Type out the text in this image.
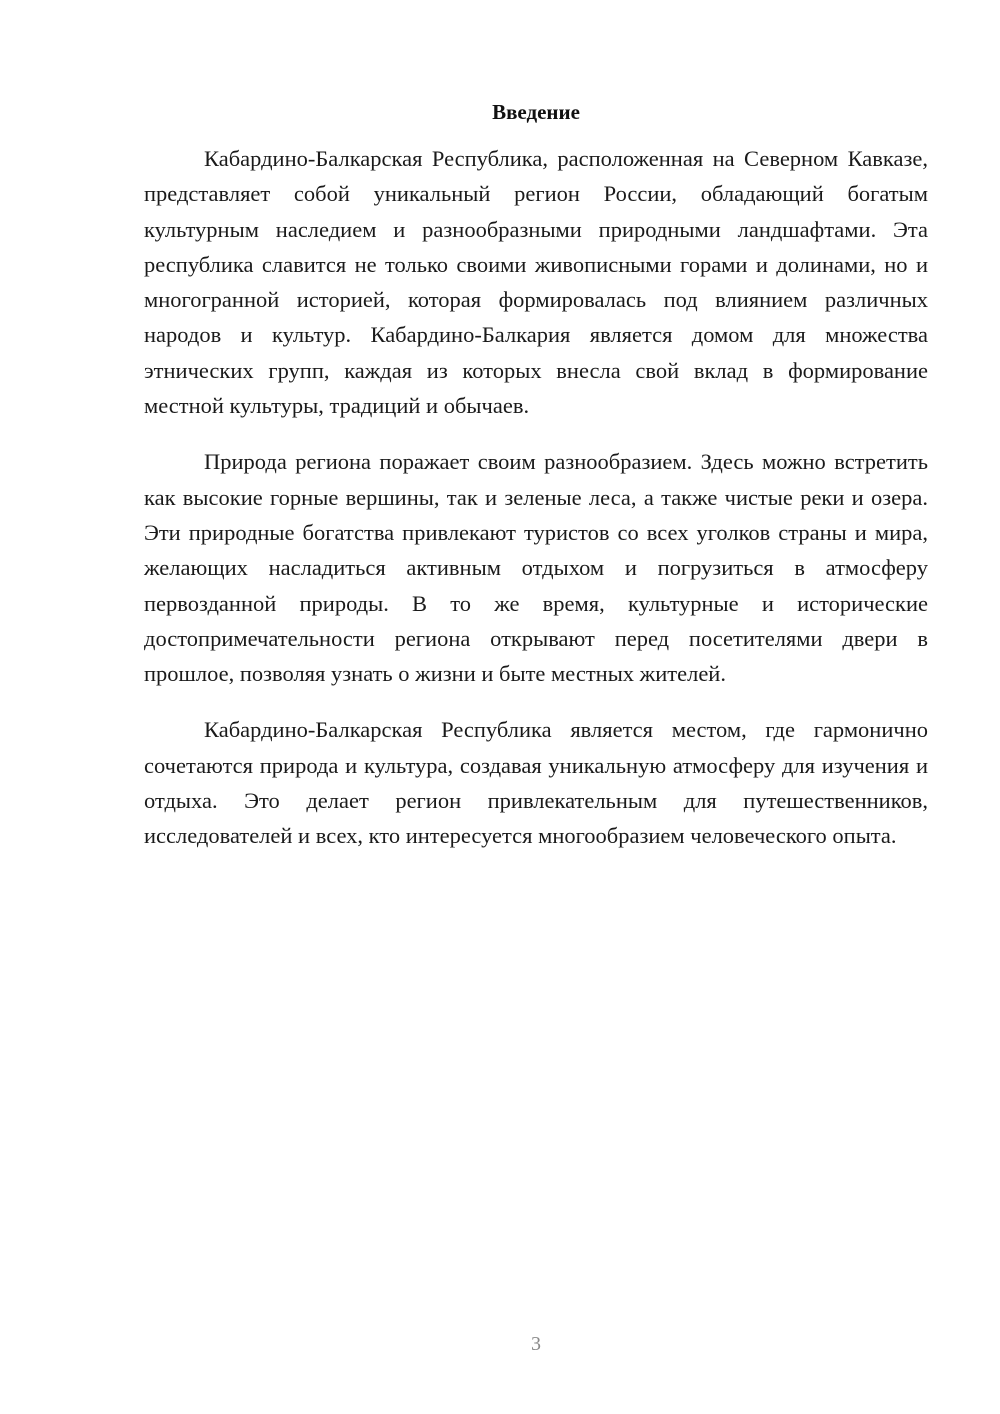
Введение

Кабардино-Балкарская Республика, расположенная на Северном Кавказе, представляет собой уникальный регион России, обладающий богатым культурным наследием и разнообразными природными ландшафтами. Эта республика славится не только своими живописными горами и долинами, но и многогранной историей, которая формировалась под влиянием различных народов и культур. Кабардино-Балкария является домом для множества этнических групп, каждая из которых внесла свой вклад в формирование местной культуры, традиций и обычаев.

Природа региона поражает своим разнообразием. Здесь можно встретить как высокие горные вершины, так и зеленые леса, а также чистые реки и озера. Эти природные богатства привлекают туристов со всех уголков страны и мира, желающих насладиться активным отдыхом и погрузиться в атмосферу первозданной природы. В то же время, культурные и исторические достопримечательности региона открывают перед посетителями двери в прошлое, позволяя узнать о жизни и быте местных жителей.

Кабардино-Балкарская Республика является местом, где гармонично сочетаются природа и культура, создавая уникальную атмосферу для изучения и отдыха. Это делает регион привлекательным для путешественников, исследователей и всех, кто интересуется многообразием человеческого опыта.

3
